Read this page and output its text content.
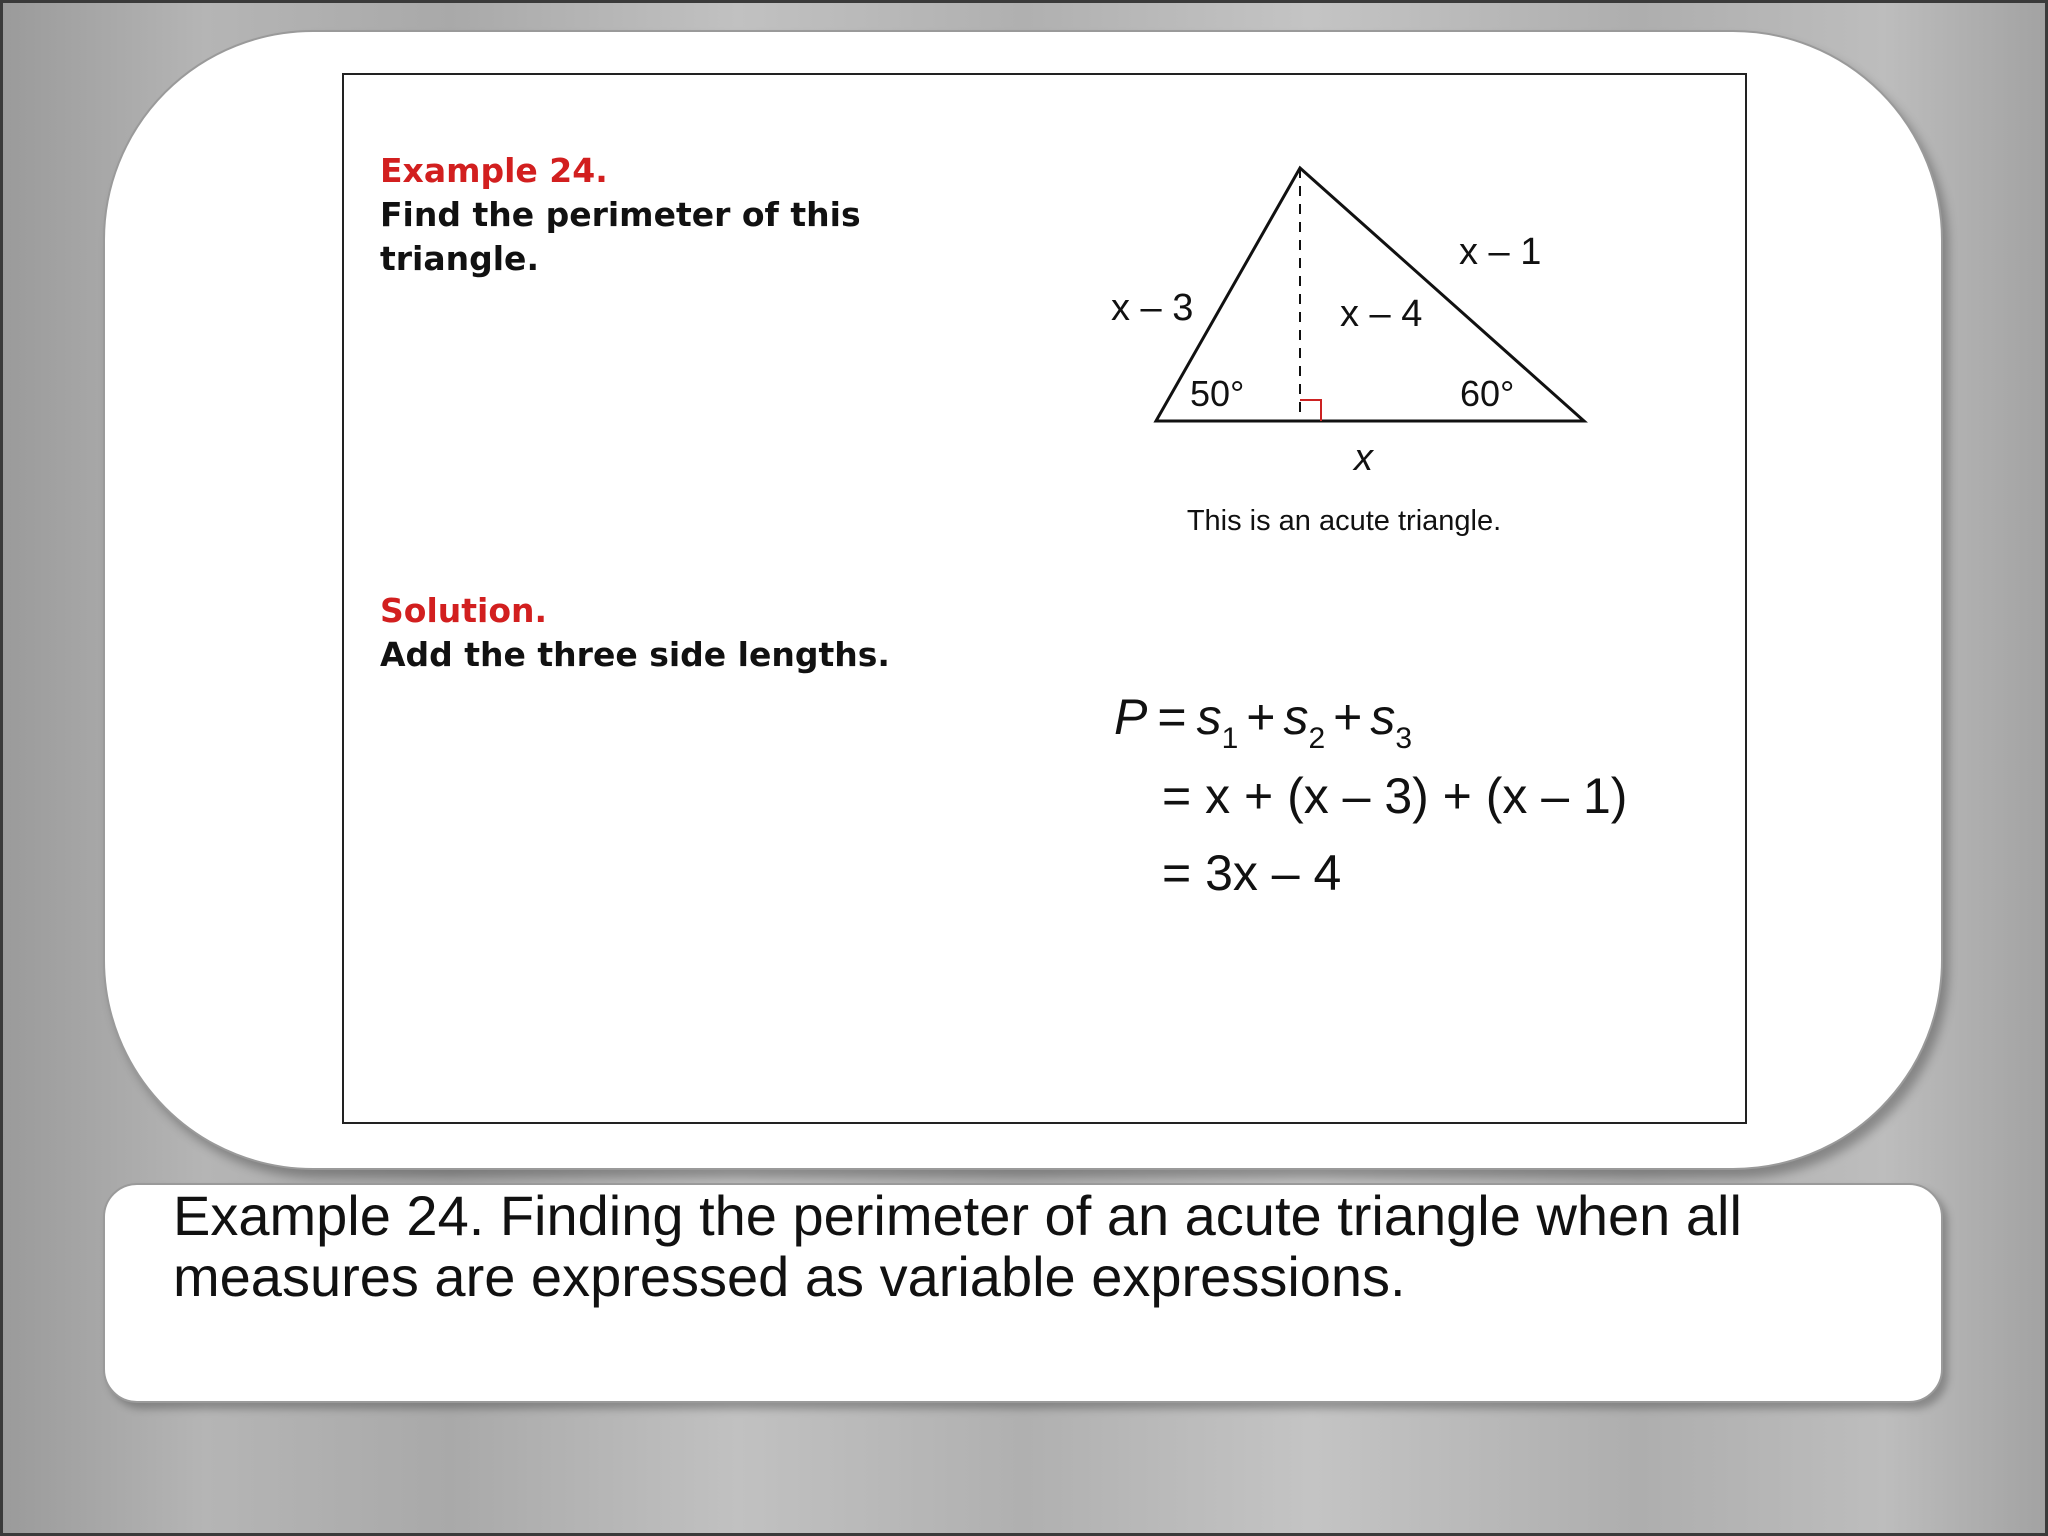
Example 24.
Find the perimeter of this
triangle.
Solution.
Add the three side lengths.
x – 3
x – 1
x – 4
50°	60°
x
This is an acute triangle.
$P = s_1 + s_2 + s_3$
= x + (x – 3) + (x – 1)
= 3x – 4
Example 24. Finding the perimeter of an acute triangle when all
measures are expressed as variable expressions.
